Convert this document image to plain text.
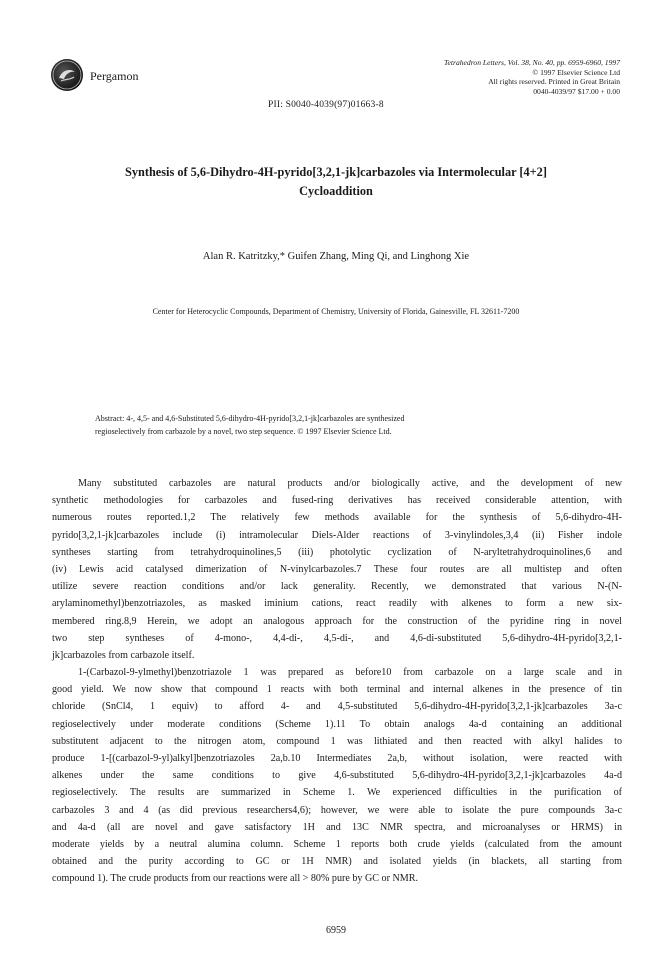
Pergamon
Tetrahedron Letters, Vol. 38, No. 40, pp. 6959-6960, 1997
© 1997 Elsevier Science Ltd
All rights reserved. Printed in Great Britain
0040-4039/97 $17.00 + 0.00
PII: S0040-4039(97)01663-8
Synthesis of 5,6-Dihydro-4H-pyrido[3,2,1-jk]carbazoles via Intermolecular [4+2]
Cycloaddition
Alan R. Katritzky,* Guifen Zhang, Ming Qi, and Linghong Xie
Center for Heterocyclic Compounds, Department of Chemistry, University of Florida, Gainesville, FL 32611-7200
Abstract: 4-, 4,5- and 4,6-Substituted 5,6-dihydro-4H-pyrido[3,2,1-jk]carbazoles are synthesized
regioselectively from carbazole by a novel, two step sequence. © 1997 Elsevier Science Ltd.
Many substituted carbazoles are natural products and/or biologically active, and the development of new
synthetic methodologies for carbazoles and fused-ring derivatives has received considerable attention, with
numerous routes reported.1,2 The relatively few methods available for the synthesis of 5,6-dihydro-4H-
pyrido[3,2,1-jk]carbazoles include (i) intramolecular Diels-Alder reactions of 3-vinylindoles,3,4 (ii) Fisher indole
syntheses starting from tetrahydroquinolines,5 (iii) photolytic cyclization of N-aryltetrahydroquinolines,6 and
(iv) Lewis acid catalysed dimerization of N-vinylcarbazoles.7 These four routes are all multistep and often
utilize severe reaction conditions and/or lack generality. Recently, we demonstrated that various N-(N-
arylaminomethyl)benzotriazoles, as masked iminium cations, react readily with alkenes to form a new six-
membered ring.8,9 Herein, we adopt an analogous approach for the construction of the pyridine ring in novel
two step syntheses of 4-mono-, 4,4-di-, 4,5-di-, and 4,6-di-substituted 5,6-dihydro-4H-pyrido[3,2,1-
jk]carbazoles from carbazole itself.
1-(Carbazol-9-ylmethyl)benzotriazole 1 was prepared as before10 from carbazole on a large scale and in
good yield. We now show that compound 1 reacts with both terminal and internal alkenes in the presence of tin
chloride (SnCl4, 1 equiv) to afford 4- and 4,5-substituted 5,6-dihydro-4H-pyrido[3,2,1-jk]carbazoles 3a-c
regioselectively under moderate conditions (Scheme 1).11 To obtain analogs 4a-d containing an additional
substitutent adjacent to the nitrogen atom, compound 1 was lithiated and then reacted with alkyl halides to
produce 1-[(carbazol-9-yl)alkyl]benzotriazoles 2a,b.10 Intermediates 2a,b, without isolation, were reacted with
alkenes under the same conditions to give 4,6-substituted 5,6-dihydro-4H-pyrido[3,2,1-jk]carbazoles 4a-d
regioselectively. The results are summarized in Scheme 1. We experienced difficulties in the purification of
carbazoles 3 and 4 (as did previous researchers4,6); however, we were able to isolate the pure compounds 3a-c
and 4a-d (all are novel and gave satisfactory 1H and 13C NMR spectra, and microanalyses or HRMS) in
moderate yields by a neutral alumina column. Scheme 1 reports both crude yields (calculated from the amount
obtained and the purity according to GC or 1H NMR) and isolated yields (in blackets, all starting from
compound 1). The crude products from our reactions were all > 80% pure by GC or NMR.
6959
